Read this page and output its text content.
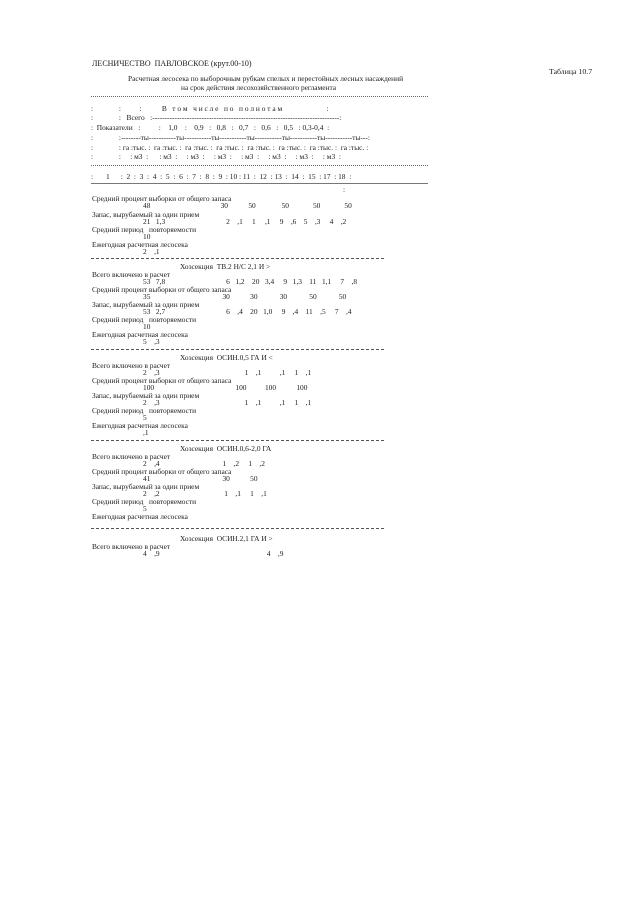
ЛЕСНИЧЕСТВО  ПАВЛОВСКОЕ (крут.00-10)
Таблица 10.7
Расчетная лесосека по выборочным рубкам спелых и перестойных лесных насаждений
на срок действия лесохозяйственного регламента
:              :          :           В   т о м   ч и с л е   п о   п о л н о т а м                        :
:              :   Всего   :----------------------------------------------------------------------------:
:  Показатели   :          :    1,0    :    0,9   :   0,8   :   0,7   :   0,6   :   0,5   : 0,3-0,4  :
:              :--------ты-----------ты-----------ты-----------ты-----------ты-----------ты-----------ты---:
:              : га :тыс. :  га :тыс. :  га :тыс. :  га :тыс. :  га :тыс. :  га :тыс. :  га :тыс. :  га :тыс. :
:              :     : м3  :      : м3  :     : м3  :     : м3  :     : м3  :     : м3  :     : м3  :     : м3  :
:       1      :  2  :  3  :  4  :  5  :  6  :  7  :  8  :  9  : 10 : 11  :  12  : 13  :  14  :  15  : 17  : 18  :
:
Средний процент выборки от общего запаса
48                                      30           50              50             50             50
Запас, вырубаемый за один прием
21   1,3                                 2    ,1     1     ,1     9    ,6    5    ,3     4    ,2
Средний период   повторяемости
10
Ежегодная расчетная лесосека
2    ,1
Хозсекция  ТВ.2 Н/С 2,1 И >
Всего включено в расчет
53   7,8                                 6   1,2    20   3,4     9   1,3    11   1,1     7    ,8
Средний процент выборки от общего запаса
35                                       30           30            30            50            50
Запас, вырубаемый за один прием
53   2,7                                 6    ,4    20   1,0     9    ,4    11    ,5     7    ,4
Средний период   повторяемости
10
Ежегодная расчетная лесосека
5    ,3
Хозсекция  ОСИН.0,5 ГА И <
Всего включено в расчет
2    ,3                                              1    ,1          ,1     1    ,1
Средний процент выборки от общего запаса
100                                            100          100           100
Запас, вырубаемый за один прием
2    ,3                                              1    ,1          ,1     1    ,1
Средний период   повторяемости
5
Ежегодная расчетная лесосека
,1
Хозсекция  ОСИН.0,6-2,0 ГА
Всего включено в расчет
2    ,4                                  1    ,2     1    ,2
Средний процент выборки от общего запаса
41                                       30           50
Запас, вырубаемый за один прием
2    ,2                                   1    ,1     1    ,1
Средний период   повторяемости
5
Ежегодная расчетная лесосека
Хозсекция  ОСИН.2,1 ГА И >
Всего включено в расчет
4    ,9                                                          4    ,9
